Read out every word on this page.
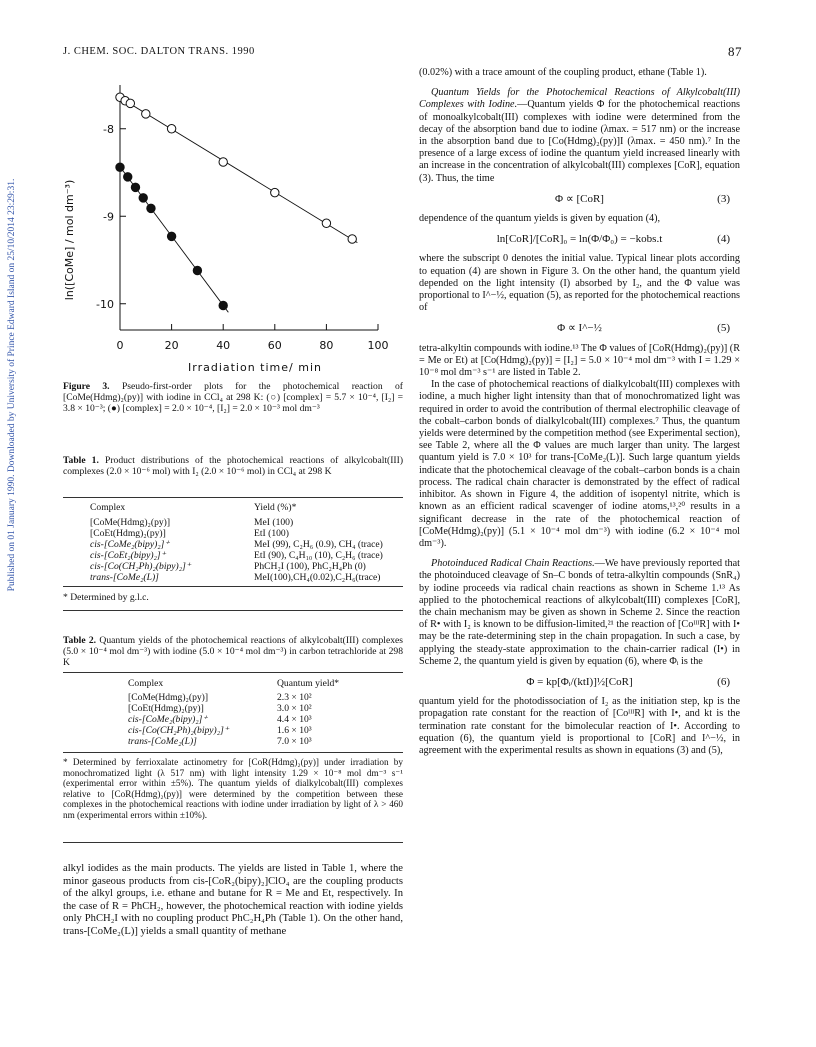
J. CHEM. SOC. DALTON TRANS. 1990	87
Published on 01 January 1990. Downloaded by University of Prince Edward Island on 25/10/2014 23:29:31.	0	20	40	60	80	100
-8
-9
-10
Irradiation time/ min
ln([CoMe] / mol dm⁻³)
Figure 3. Pseudo-first-order plots for the photochemical reaction of [CoMe(Hdmg)₂(py)] with iodine in CCl₄ at 298 K: (○) [complex] = 5.7 × 10⁻⁴, [I₂] = 3.8 × 10⁻³; (●) [complex] = 2.0 × 10⁻⁴, [I₂] = 2.0 × 10⁻³ mol dm⁻³
Table 1. Product distributions of the photochemical reactions of alkylcobalt(III) complexes (2.0 × 10⁻⁶ mol) with I₂ (2.0 × 10⁻⁶ mol) in CCl₄ at 298 K
Complex	Yield (%)*

[CoMe(Hdmg)₂(py)]	MeI (100)
[CoEt(Hdmg)₂(py)]	EtI (100)
cis-[CoMe₂(bipy)₂]⁺	MeI (99), C₂H₆ (0.9), CH₄ (trace)
cis-[CoEt₂(bipy)₂]⁺	EtI (90), C₄H₁₀ (10), C₂H₆ (trace)
cis-[Co(CH₂Ph)₂(bipy)₂]⁺	PhCH₂I (100), PhC₂H₄Ph (0)
trans-[CoMe₂(L)]	MeI(100),CH₄(0.02),C₂H₆(trace)
* Determined by g.l.c.
Table 2. Quantum yields of the photochemical reactions of alkylcobalt(III) complexes (5.0 × 10⁻⁴ mol dm⁻³) with iodine (5.0 × 10⁻⁴ mol dm⁻³) in carbon tetrachloride at 298 K
Complex	Quantum yield*

[CoMe(Hdmg)₂(py)]	2.3 × 10²
[CoEt(Hdmg)₂(py)]	3.0 × 10²
cis-[CoMe₂(bipy)₂]⁺	4.4 × 10³
cis-[Co(CH₂Ph)₂(bipy)₂]⁺	1.6 × 10³
trans-[CoMe₂(L)]	7.0 × 10³
* Determined by ferrioxalate actinometry for [CoR(Hdmg)₂(py)] under irradiation by monochromatized light (λ 517 nm) with light intensity 1.29 × 10⁻⁸ mol dm⁻³ s⁻¹ (experimental error within ±5%). The quantum yields of dialkylcobalt(III) complexes relative to [CoR(Hdmg)₂(py)] were determined by the competition between these complexes in the photochemical reactions with iodine under irradiation by light of λ > 460 nm (experimental errors within ±10%).
alkyl iodides as the main products. The yields are listed in Table 1, where the minor gaseous products from cis-[CoR₂(bipy)₂]ClO₄ are the coupling products of the alkyl groups, i.e. ethane and butane for R = Me and Et, respectively. In the case of R = PhCH₂, however, the photochemical reaction with iodine yields only PhCH₂I with no coupling product PhC₂H₄Ph (Table 1). On the other hand, trans-[CoMe₂(L)] yields a small quantity of methane

(0.02%) with a trace amount of the coupling product, ethane (Table 1).

Quantum Yields for the Photochemical Reactions of Alkylcobalt(III) Complexes with Iodine.—Quantum yields Φ for the photochemical reactions of monoalkylcobalt(III) complexes with iodine were determined from the decay of the absorption band due to iodine (λmax. = 517 nm) or the increase in the absorption band due to [Co(Hdmg)₂(py)]I (λmax. = 450 nm).⁷ In the presence of a large excess of iodine the quantum yield increased linearly with an increase in the concentration of alkylcobalt(III) complexes [CoR], equation (3). Thus, the time

Φ ∝ [CoR]	(3)

dependence of the quantum yields is given by equation (4),

ln[CoR]/[CoR]₀ = ln(Φ/Φ₀) = −kobs.t	(4)

where the subscript 0 denotes the initial value. Typical linear plots according to equation (4) are shown in Figure 3. On the other hand, the quantum yield depended on the light intensity (I) absorbed by I₂, and the Φ value was proportional to I^−½, equation (5), as reported for the photochemical reactions of

Φ ∝ I^−½	(5)

tetra-alkyltin compounds with iodine.¹³ The Φ values of [CoR(Hdmg)₂(py)] (R = Me or Et) at [Co(Hdmg)₂(py)] = [I₂] = 5.0 × 10⁻⁴ mol dm⁻³ with I = 1.29 × 10⁻⁸ mol dm⁻³ s⁻¹ are listed in Table 2.

In the case of photochemical reactions of dialkylcobalt(III) complexes with iodine, a much higher light intensity than that of monochromatized light was required in order to avoid the contribution of thermal electrophilic cleavage of the cobalt–carbon bonds of dialkylcobalt(III) complexes.⁷ Thus, the quantum yields were determined by the competition method (see Experimental section), see Table 2, where all the Φ values are much larger than unity. The largest quantum yield is 7.0 × 10³ for trans-[CoMe₂(L)]. Such large quantum yields indicate that the photochemical cleavage of the cobalt–carbon bonds is a chain process. The radical chain character is demonstrated by the effect of radical inhibitor. As shown in Figure 4, the addition of isopentyl nitrite, which is known as an efficient radical scavenger of iodine atoms,¹³,²⁰ results in a significant decrease in the rate of the photochemical reaction of [CoMe(Hdmg)₂(py)] (5.1 × 10⁻⁴ mol dm⁻³) with iodine (6.2 × 10⁻⁴ mol dm⁻³).

Photoinduced Radical Chain Reactions.—We have previously reported that the photoinduced cleavage of Sn–C bonds of tetra-alkyltin compounds (SnR₄) by iodine proceeds via radical chain reactions as shown in Scheme 1.¹³ As applied to the photochemical reactions of alkylcobalt(III) complexes [CoR], the chain mechanism may be given as shown in Scheme 2. Since the reaction of R• with I₂ is known to be diffusion-limited,²¹ the reaction of [CoᴵᴵᴵR] with I• may be the rate-determining step in the chain propagation. In such a case, by applying the steady-state approximation to the chain-carrier radical (I•) in Scheme 2, the quantum yield is given by equation (6), where Φᵢ is the

Φ = kp[Φᵢ/(ktI)]½[CoR]	(6)

quantum yield for the photodissociation of I₂ as the initiation step, kp is the propagation rate constant for the reaction of [CoᴵᴵᴵR] with I•, and kt is the termination rate constant for the bimolecular reaction of I•. According to equation (6), the quantum yield is proportional to [CoR] and I^−½, in agreement with the experimental results as shown in equations (3) and (5),
